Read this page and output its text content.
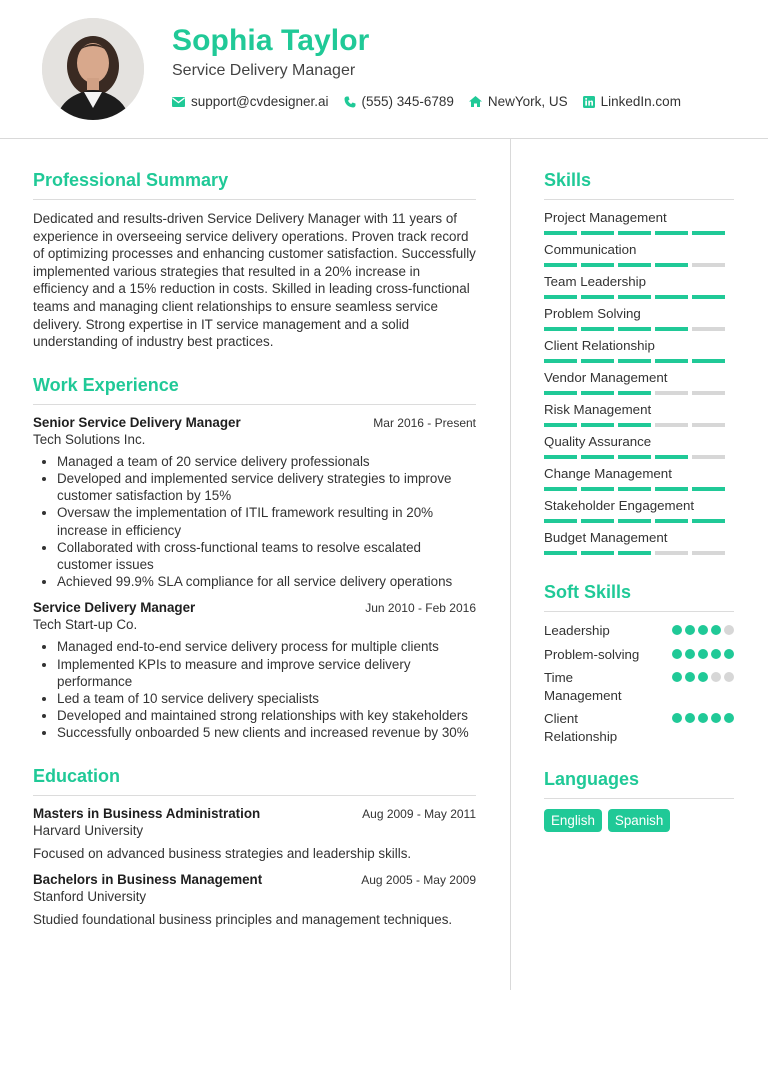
Sophia Taylor
Service Delivery Manager
support@cvdesigner.ai (555) 345-6789	NewYork, US LinkedIn.com
Professional Summary
Dedicated and results-driven Service Delivery Manager with 11 years of experience in overseeing service delivery operations. Proven track record of optimizing processes and enhancing customer satisfaction. Successfully implemented various strategies that resulted in a 20% increase in efficiency and a 15% reduction in costs. Skilled in leading cross-functional teams and managing client relationships to ensure seamless service delivery. Strong expertise in IT service management and a solid understanding of industry best practices.
Work Experience
Senior Service Delivery Manager	Mar 2016 - Present
Tech Solutions Inc.
• Managed a team of 20 service delivery professionals
• Developed and implemented service delivery strategies to improve customer satisfaction by 15%
• Oversaw the implementation of ITIL framework resulting in 20% increase in efficiency
• Collaborated with cross-functional teams to resolve escalated customer issues
• Achieved 99.9% SLA compliance for all service delivery operations
Service Delivery Manager	Jun 2010 - Feb 2016
Tech Start-up Co.
• Managed end-to-end service delivery process for multiple clients
• Implemented KPIs to measure and improve service delivery performance
• Led a team of 10 service delivery specialists
• Developed and maintained strong relationships with key stakeholders
• Successfully onboarded 5 new clients and increased revenue by 30%
Education
Masters in Business Administration	Aug 2009 - May 2011
Harvard University
Focused on advanced business strategies and leadership skills.
Bachelors in Business Management	Aug 2005 - May 2009
Stanford University
Studied foundational business principles and management techniques.
Skills
Project Management
Communication
Team Leadership
Problem Solving
Client Relationship
Vendor Management
Risk Management
Quality Assurance
Change Management
Stakeholder Engagement
Budget Management
Soft Skills
Leadership
Problem-solving
Time Management
Client Relationship
Languages
English	Spanish
